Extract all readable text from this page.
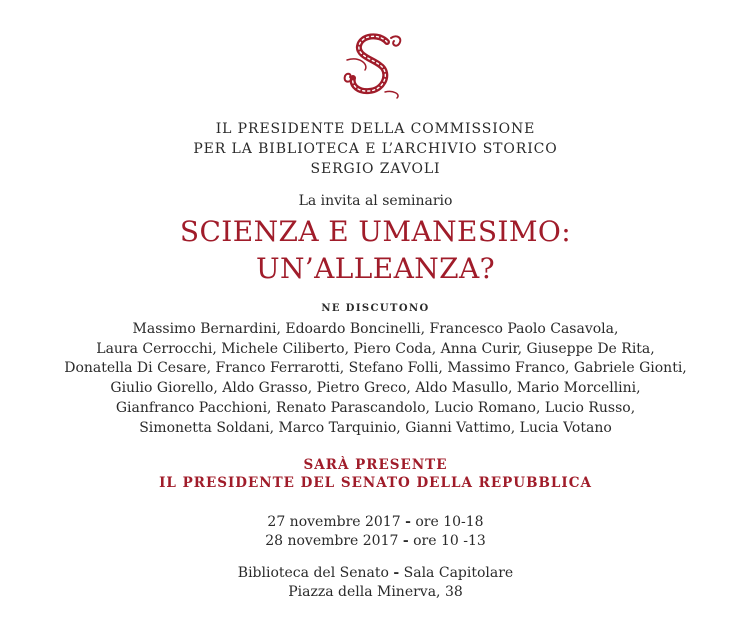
IL PRESIDENTE DELLA COMMISSIONE
PER LA BIBLIOTECA E L’ARCHIVIO STORICO
SERGIO ZAVOLI
La invita al seminario
SCIENZA E UMANESIMO:
UN’ALLEANZA?
NE DISCUTONO
Massimo Bernardini, Edoardo Boncinelli, Francesco Paolo Casavola,
Laura Cerrocchi, Michele Ciliberto, Piero Coda, Anna Curir, Giuseppe De Rita,
Donatella Di Cesare, Franco Ferrarotti, Stefano Folli, Massimo Franco, Gabriele Gionti,
Giulio Giorello, Aldo Grasso, Pietro Greco, Aldo Masullo, Mario Morcellini,
Gianfranco Pacchioni, Renato Parascandolo, Lucio Romano, Lucio Russo,
Simonetta Soldani, Marco Tarquinio, Gianni Vattimo, Lucia Votano
SARÀ PRESENTE
IL PRESIDENTE DEL SENATO DELLA REPUBBLICA
27 novembre 2017 - ore 10-18
28 novembre 2017 - ore 10 -13
Biblioteca del Senato - Sala Capitolare
Piazza della Minerva, 38
